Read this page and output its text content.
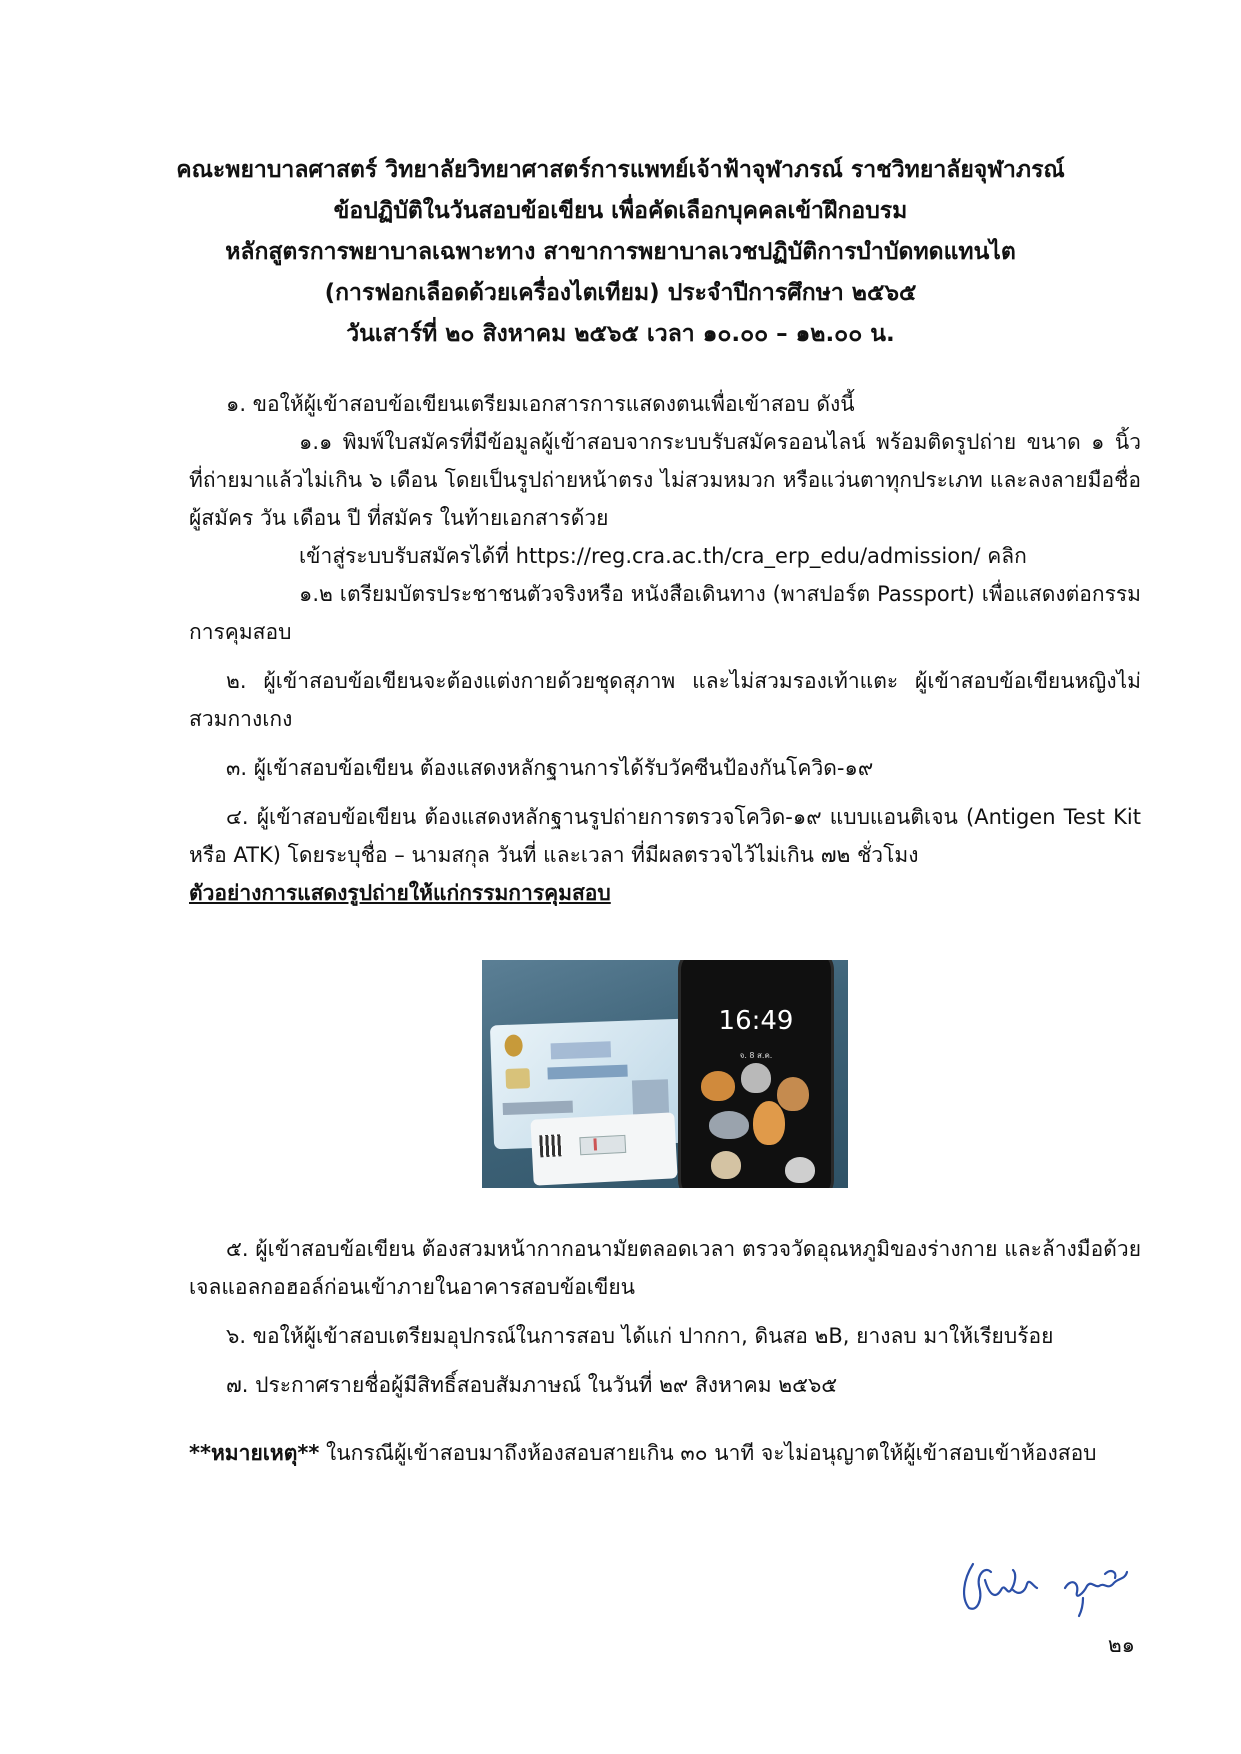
คณะพยาบาลศาสตร์ วิทยาลัยวิทยาศาสตร์การแพทย์เจ้าฟ้าจุฬาภรณ์ ราชวิทยาลัยจุฬาภรณ์
ข้อปฏิบัติในวันสอบข้อเขียน เพื่อคัดเลือกบุคคลเข้าฝึกอบรม
หลักสูตรการพยาบาลเฉพาะทาง สาขาการพยาบาลเวชปฏิบัติการบำบัดทดแทนไต
(การฟอกเลือดด้วยเครื่องไตเทียม) ประจำปีการศึกษา ๒๕๖๕
วันเสาร์ที่ ๒๐ สิงหาคม ๒๕๖๕ เวลา ๑๐.๐๐ – ๑๒.๐๐ น.

๑. ขอให้ผู้เข้าสอบข้อเขียนเตรียมเอกสารการแสดงตนเพื่อเข้าสอบ ดังนี้

๑.๑ พิมพ์ใบสมัครที่มีข้อมูลผู้เข้าสอบจากระบบรับสมัครออนไลน์ พร้อมติดรูปถ่าย ขนาด ๑ นิ้ว ที่ถ่ายมาแล้วไม่เกิน ๖ เดือน โดยเป็นรูปถ่ายหน้าตรง ไม่สวมหมวก หรือแว่นตาทุกประเภท และลงลายมือชื่อผู้สมัคร วัน เดือน ปี ที่สมัคร ในท้ายเอกสารด้วย

เข้าสู่ระบบรับสมัครได้ที่ https://reg.cra.ac.th/cra_erp_edu/admission/ คลิก

๑.๒ เตรียมบัตรประชาชนตัวจริงหรือ หนังสือเดินทาง (พาสปอร์ต Passport) เพื่อแสดงต่อกรรมการคุมสอบ

๒. ผู้เข้าสอบข้อเขียนจะต้องแต่งกายด้วยชุดสุภาพ และไม่สวมรองเท้าแตะ ผู้เข้าสอบข้อเขียนหญิงไม่สวมกางเกง

๓. ผู้เข้าสอบข้อเขียน ต้องแสดงหลักฐานการได้รับวัคซีนป้องกันโควิด-๑๙

๔. ผู้เข้าสอบข้อเขียน ต้องแสดงหลักฐานรูปถ่ายการตรวจโควิด-๑๙ แบบแอนติเจน (Antigen Test Kit หรือ ATK) โดยระบุชื่อ – นามสกุล วันที่ และเวลา ที่มีผลตรวจไว้ไม่เกิน ๗๒ ชั่วโมง

ตัวอย่างการแสดงรูปถ่ายให้แก่กรรมการคุมสอบ

16:49
จ. 8 ส.ค.

๕. ผู้เข้าสอบข้อเขียน ต้องสวมหน้ากากอนามัยตลอดเวลา ตรวจวัดอุณหภูมิของร่างกาย และล้างมือด้วยเจลแอลกอฮอล์ก่อนเข้าภายในอาคารสอบข้อเขียน

๖. ขอให้ผู้เข้าสอบเตรียมอุปกรณ์ในการสอบ ได้แก่ ปากกา, ดินสอ ๒B, ยางลบ มาให้เรียบร้อย

๗. ประกาศรายชื่อผู้มีสิทธิ์สอบสัมภาษณ์ ในวันที่ ๒๙ สิงหาคม ๒๕๖๕

**หมายเหตุ** ในกรณีผู้เข้าสอบมาถึงห้องสอบสายเกิน ๓๐ นาที จะไม่อนุญาตให้ผู้เข้าสอบเข้าห้องสอบ

๒๑
